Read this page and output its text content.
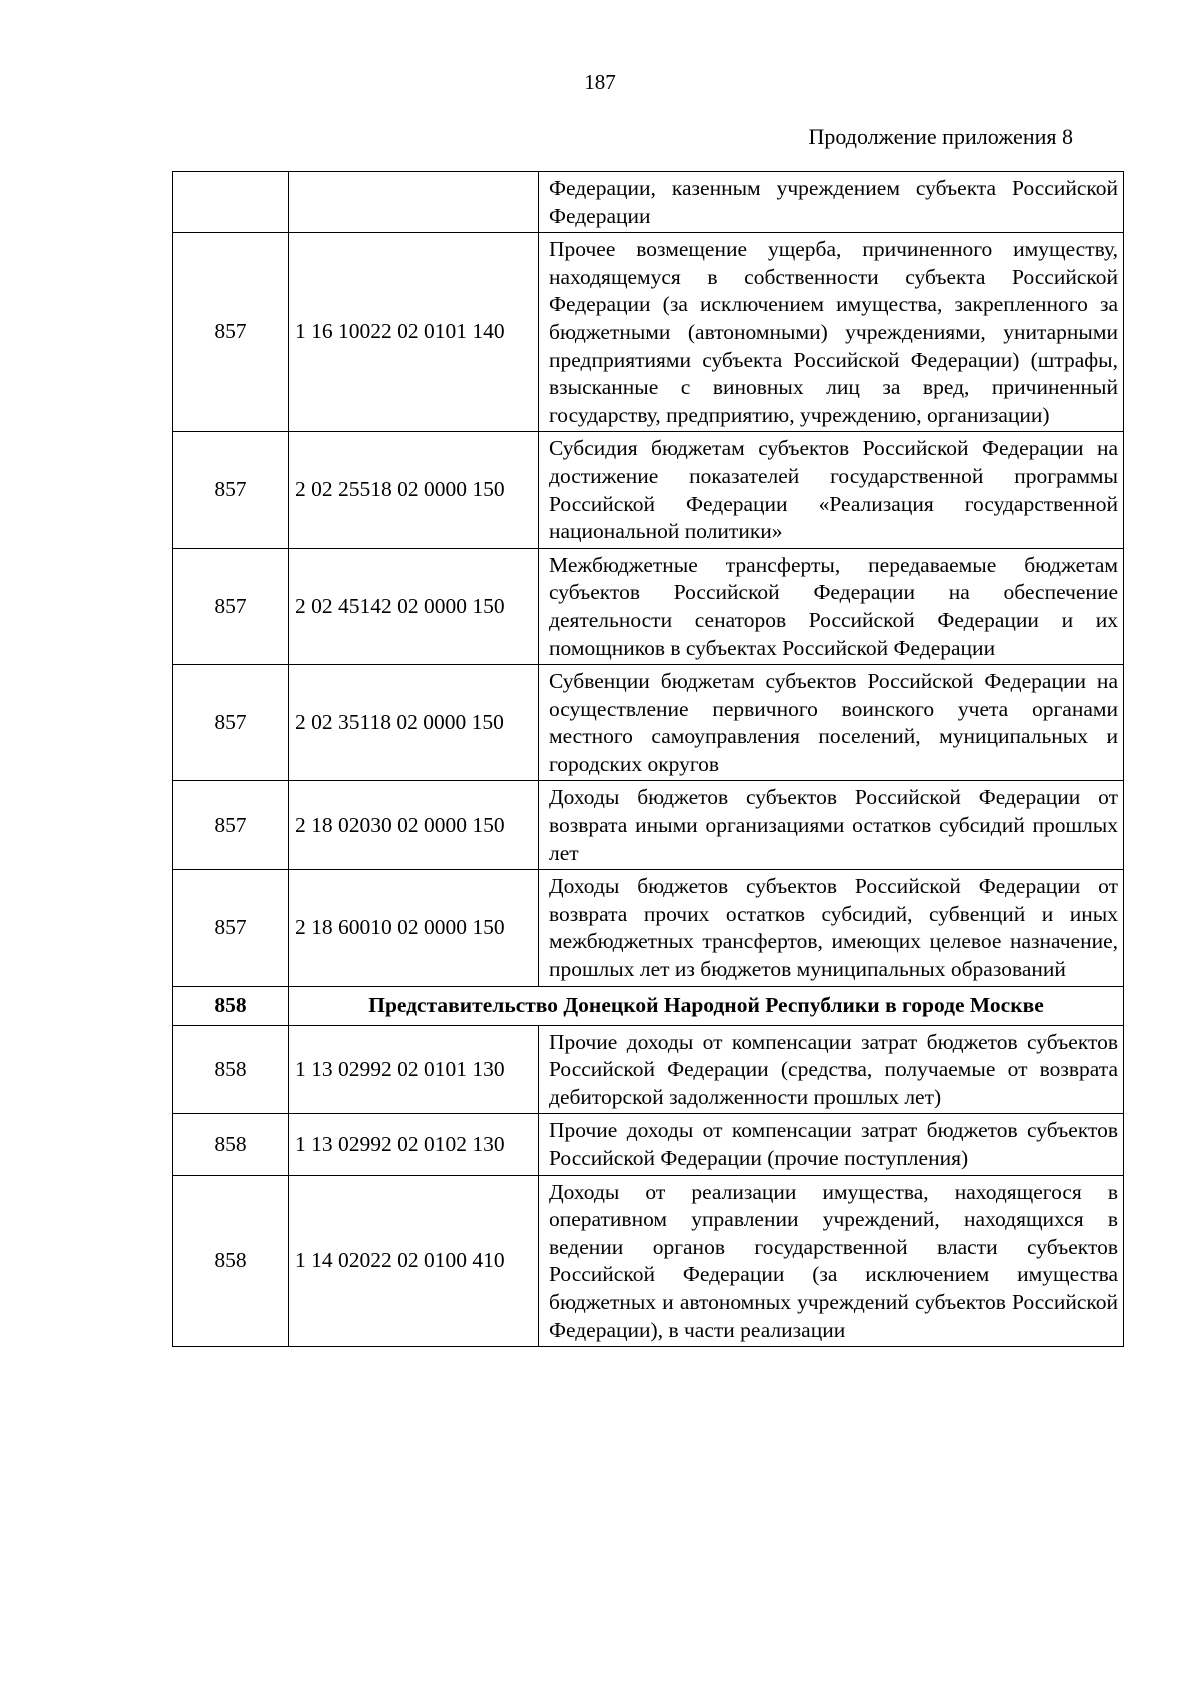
187
Продолжение приложения 8
		Федерации, казенным учреждением субъекта Российской Федерации
857	1 16 10022 02 0101 140	Прочее возмещение ущерба, причиненного имуществу, находящемуся в собственности субъекта Российской Федерации (за исключением имущества, закрепленного за бюджетными (автономными) учреждениями, унитарными предприятиями субъекта Российской Федерации) (штрафы, взысканные с виновных лиц за вред, причиненный государству, предприятию, учреждению, организации)
857	2 02 25518 02 0000 150	Субсидия бюджетам субъектов Российской Федерации на достижение показателей государственной программы Российской Федерации «Реализация государственной национальной политики»
857	2 02 45142 02 0000 150	Межбюджетные трансферты, передаваемые бюджетам субъектов Российской Федерации на обеспечение деятельности сенаторов Российской Федерации и их помощников в субъектах Российской Федерации
857	2 02 35118 02 0000 150	Субвенции бюджетам субъектов Российской Федерации на осуществление первичного воинского учета органами местного самоуправления поселений, муниципальных и городских округов
857	2 18 02030 02 0000 150	Доходы бюджетов субъектов Российской Федерации от возврата иными организациями остатков субсидий прошлых лет
857	2 18 60010 02 0000 150	Доходы бюджетов субъектов Российской Федерации от возврата прочих остатков субсидий, субвенций и иных межбюджетных трансфертов, имеющих целевое назначение, прошлых лет из бюджетов муниципальных образований
858	Представительство Донецкой Народной Республики в городе Москве	
858	1 13 02992 02 0101 130	Прочие доходы от компенсации затрат бюджетов субъектов Российской Федерации (средства, получаемые от возврата дебиторской задолженности прошлых лет)
858	1 13 02992 02 0102 130	Прочие доходы от компенсации затрат бюджетов субъектов Российской Федерации (прочие поступления)
858	1 14 02022 02 0100 410	Доходы от реализации имущества, находящегося в оперативном управлении учреждений, находящихся в ведении органов государственной власти субъектов Российской Федерации (за исключением имущества бюджетных и автономных учреждений субъектов Российской Федерации), в части реализации
